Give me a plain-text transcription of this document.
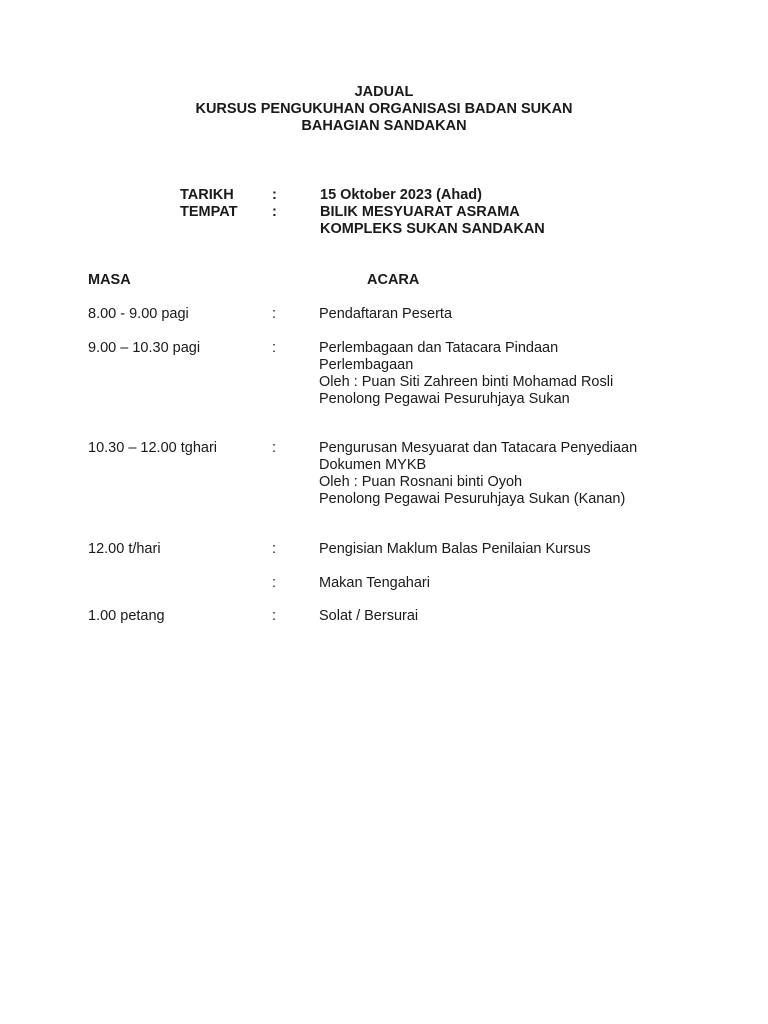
JADUAL
KURSUS PENGUKUHAN ORGANISASI BADAN SUKAN
BAHAGIAN SANDAKAN
TARIKH	:	15 Oktober 2023 (Ahad)
TEMPAT :	BILIK MESYUARAT ASRAMA
KOMPLEKS SUKAN SANDAKAN
MASA	ACARA
8.00 - 9.00 pagi	:	Pendaftaran Peserta
9.00 – 10.30 pagi	:	Perlembagaan dan Tatacara Pindaan
Perlembagaan
Oleh : Puan Siti Zahreen binti Mohamad Rosli
Penolong Pegawai Pesuruhjaya Sukan
10.30 – 12.00 tghari	:	Pengurusan Mesyuarat dan Tatacara Penyediaan
Dokumen MYKB
Oleh : Puan Rosnani binti Oyoh
Penolong Pegawai Pesuruhjaya Sukan (Kanan)
12.00 t/hari	:	Pengisian Maklum Balas Penilaian Kursus
:	Makan Tengahari
1.00 petang	:	Solat / Bersurai
